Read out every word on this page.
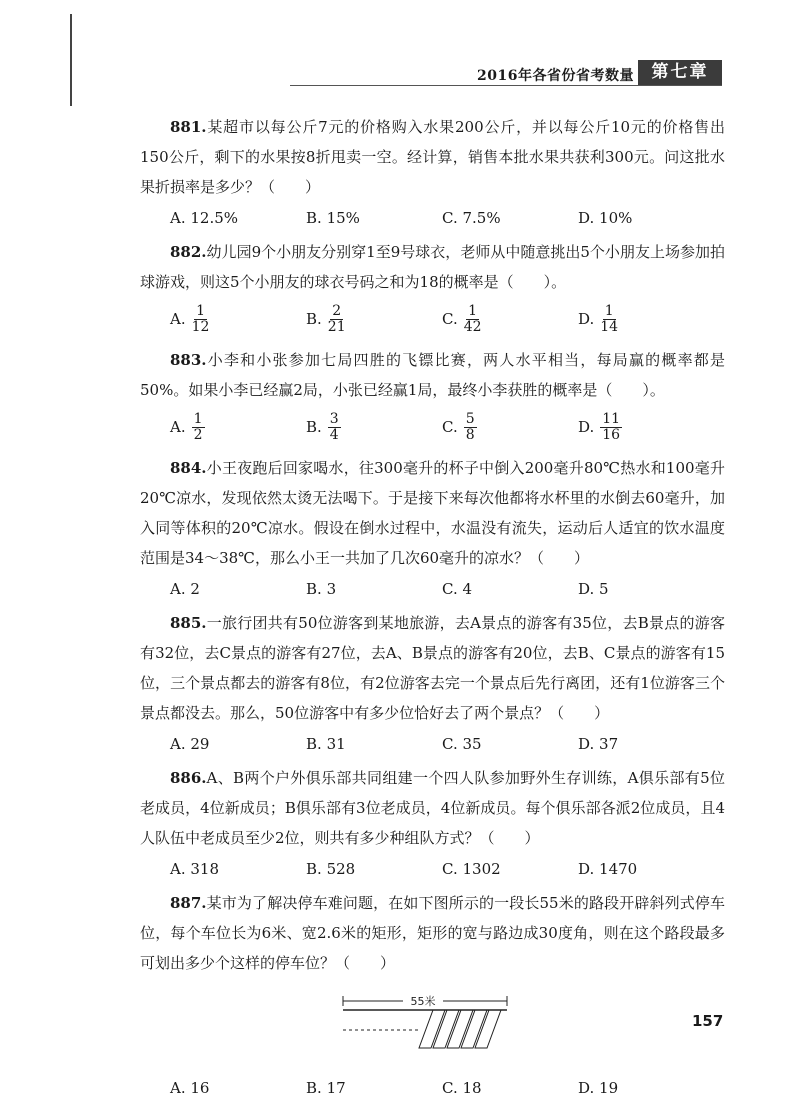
2016年各省份省考数量	第七章
881.某超市以每公斤7元的价格购入水果200公斤，并以每公斤10元的价格售出150公斤，剩下的水果按8折甩卖一空。经计算，销售本批水果共获利300元。问这批水果折损率是多少？（　　）
A.
12.5%	B.
15%	C.
7.5%	D.
10%
882.幼儿园9个小朋友分别穿1至9号球衣，老师从中随意挑出5个小朋友上场参加拍球游戏，则这5个小朋友的球衣号码之和为18的概率是（　　）。
A. $\frac{1}{12}$	B. $\frac{2}{21}$	C. $\frac{1}{42}$	D. $\frac{1}{14}$
883.小李和小张参加七局四胜的飞镖比赛，两人水平相当，每局赢的概率都是50%。如果小李已经赢2局，小张已经赢1局，最终小李获胜的概率是（　　）。
A. $\frac{1}{2}$	B. $\frac{3}{4}$	C. $\frac{5}{8}$	D. $\frac{11}{16}$
884.小王夜跑后回家喝水，往300毫升的杯子中倒入200毫升80℃热水和100毫升20℃凉水，发现依然太烫无法喝下。于是接下来每次他都将水杯里的水倒去60毫升，加入同等体积的20℃凉水。假设在倒水过程中，水温没有流失，运动后人适宜的饮水温度范围是34～38℃，那么小王一共加了几次60毫升的凉水？（　　）
A.
2	B.
3	C.
4	D.
5
885.一旅行团共有50位游客到某地旅游，去A景点的游客有35位，去B景点的游客有32位，去C景点的游客有27位，去A、B景点的游客有20位，去B、C景点的游客有15位，三个景点都去的游客有8位，有2位游客去完一个景点后先行离团，还有1位游客三个景点都没去。那么，50位游客中有多少位恰好去了两个景点？（　　）
A.
29	B.
31	C.
35	D.
37
886.A、B两个户外俱乐部共同组建一个四人队参加野外生存训练，A俱乐部有5位老成员，4位新成员；B俱乐部有3位老成员，4位新成员。每个俱乐部各派2位成员，且4人队伍中老成员至少2位，则共有多少种组队方式？（　　）
A.
318	B.
528	C.
1302	D.
1470
887.某市为了解决停车难问题，在如下图所示的一段长55米的路段开辟斜列式停车位，每个车位长为6米、宽2.6米的矩形，矩形的宽与路边成30度角，则在这个路段最多可划出多少个这样的停车位？（　　）
55米
A.
16	B.
17	C.
18	D.
19
157
